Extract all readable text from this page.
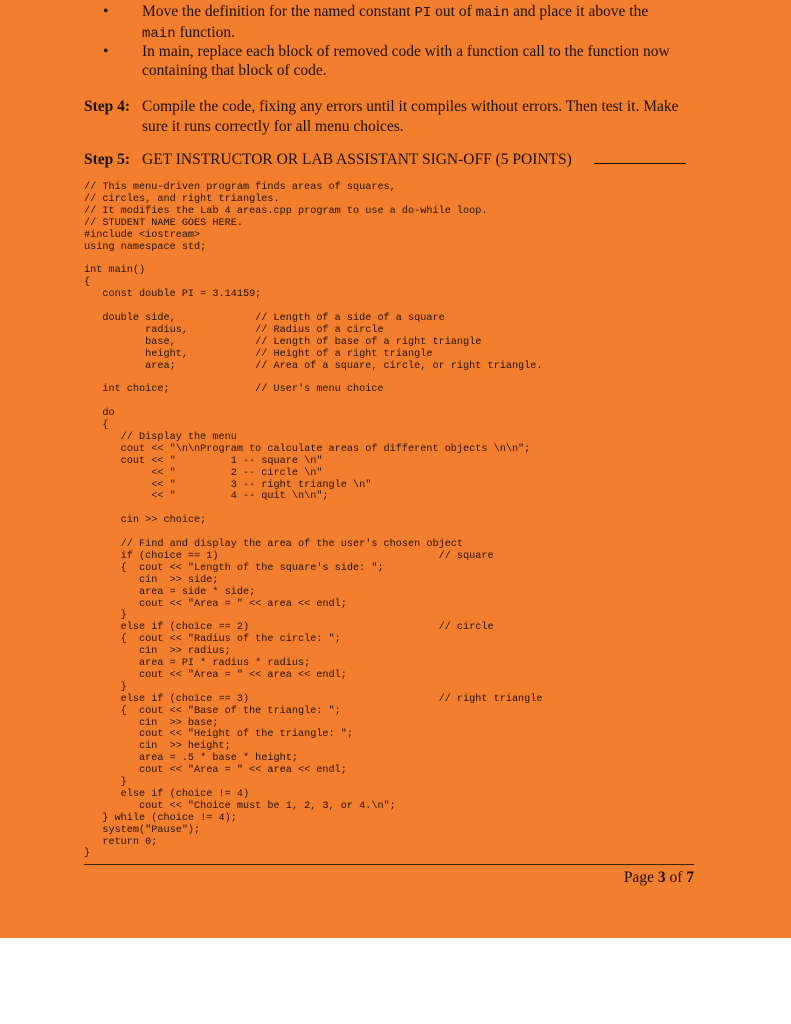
• Move the definition for the named constant PI out of main and place it above the
main function.
• In main, replace each block of removed code with a function call to the function now containing that block of code.
Step 4: Compile the code, fixing any errors until it compiles without errors. Then test it. Make sure it runs correctly for all menu choices.
Step 5: GET INSTRUCTOR OR LAB ASSISTANT SIGN-OFF (5 POINTS)
// This menu-driven program finds areas of squares,
// circles, and right triangles.
// It modifies the Lab 4 areas.cpp program to use a do-while loop.
// STUDENT NAME GOES HERE.
#include <iostream>
using namespace std;
int main()
{
const double PI = 3.14159;
double side,             // Length of a side of a square
radius,           // Radius of a circle
base,             // Length of base of a right triangle
height,           // Height of a right triangle
area;             // Area of a square, circle, or right triangle.
int choice;              // User's menu choice
do
{
// Display the menu
cout << "\n\nProgram to calculate areas of different objects \n\n";
cout << "         1 -- square \n"
<< "         2 -- circle \n"
<< "         3 -- right triangle \n"
<< "         4 -- quit \n\n";
cin >> choice;
// Find and display the area of the user's chosen object
if (choice == 1)                                    // square
{  cout << "Length of the square's side: ";
cin  >> side;
area = side * side;
cout << "Area = " << area << endl;
}
else if (choice == 2)                               // circle
{  cout << "Radius of the circle: ";
cin  >> radius;
area = PI * radius * radius;
cout << "Area = " << area << endl;
}
else if (choice == 3)                               // right triangle
{  cout << "Base of the triangle: ";
cin  >> base;
cout << "Height of the triangle: ";
cin  >> height;
area = .5 * base * height;
cout << "Area = " << area << endl;
}
else if (choice != 4)
cout << "Choice must be 1, 2, 3, or 4.\n";
} while (choice != 4);
system("Pause");
return 0;
}
Page 3 of 7
